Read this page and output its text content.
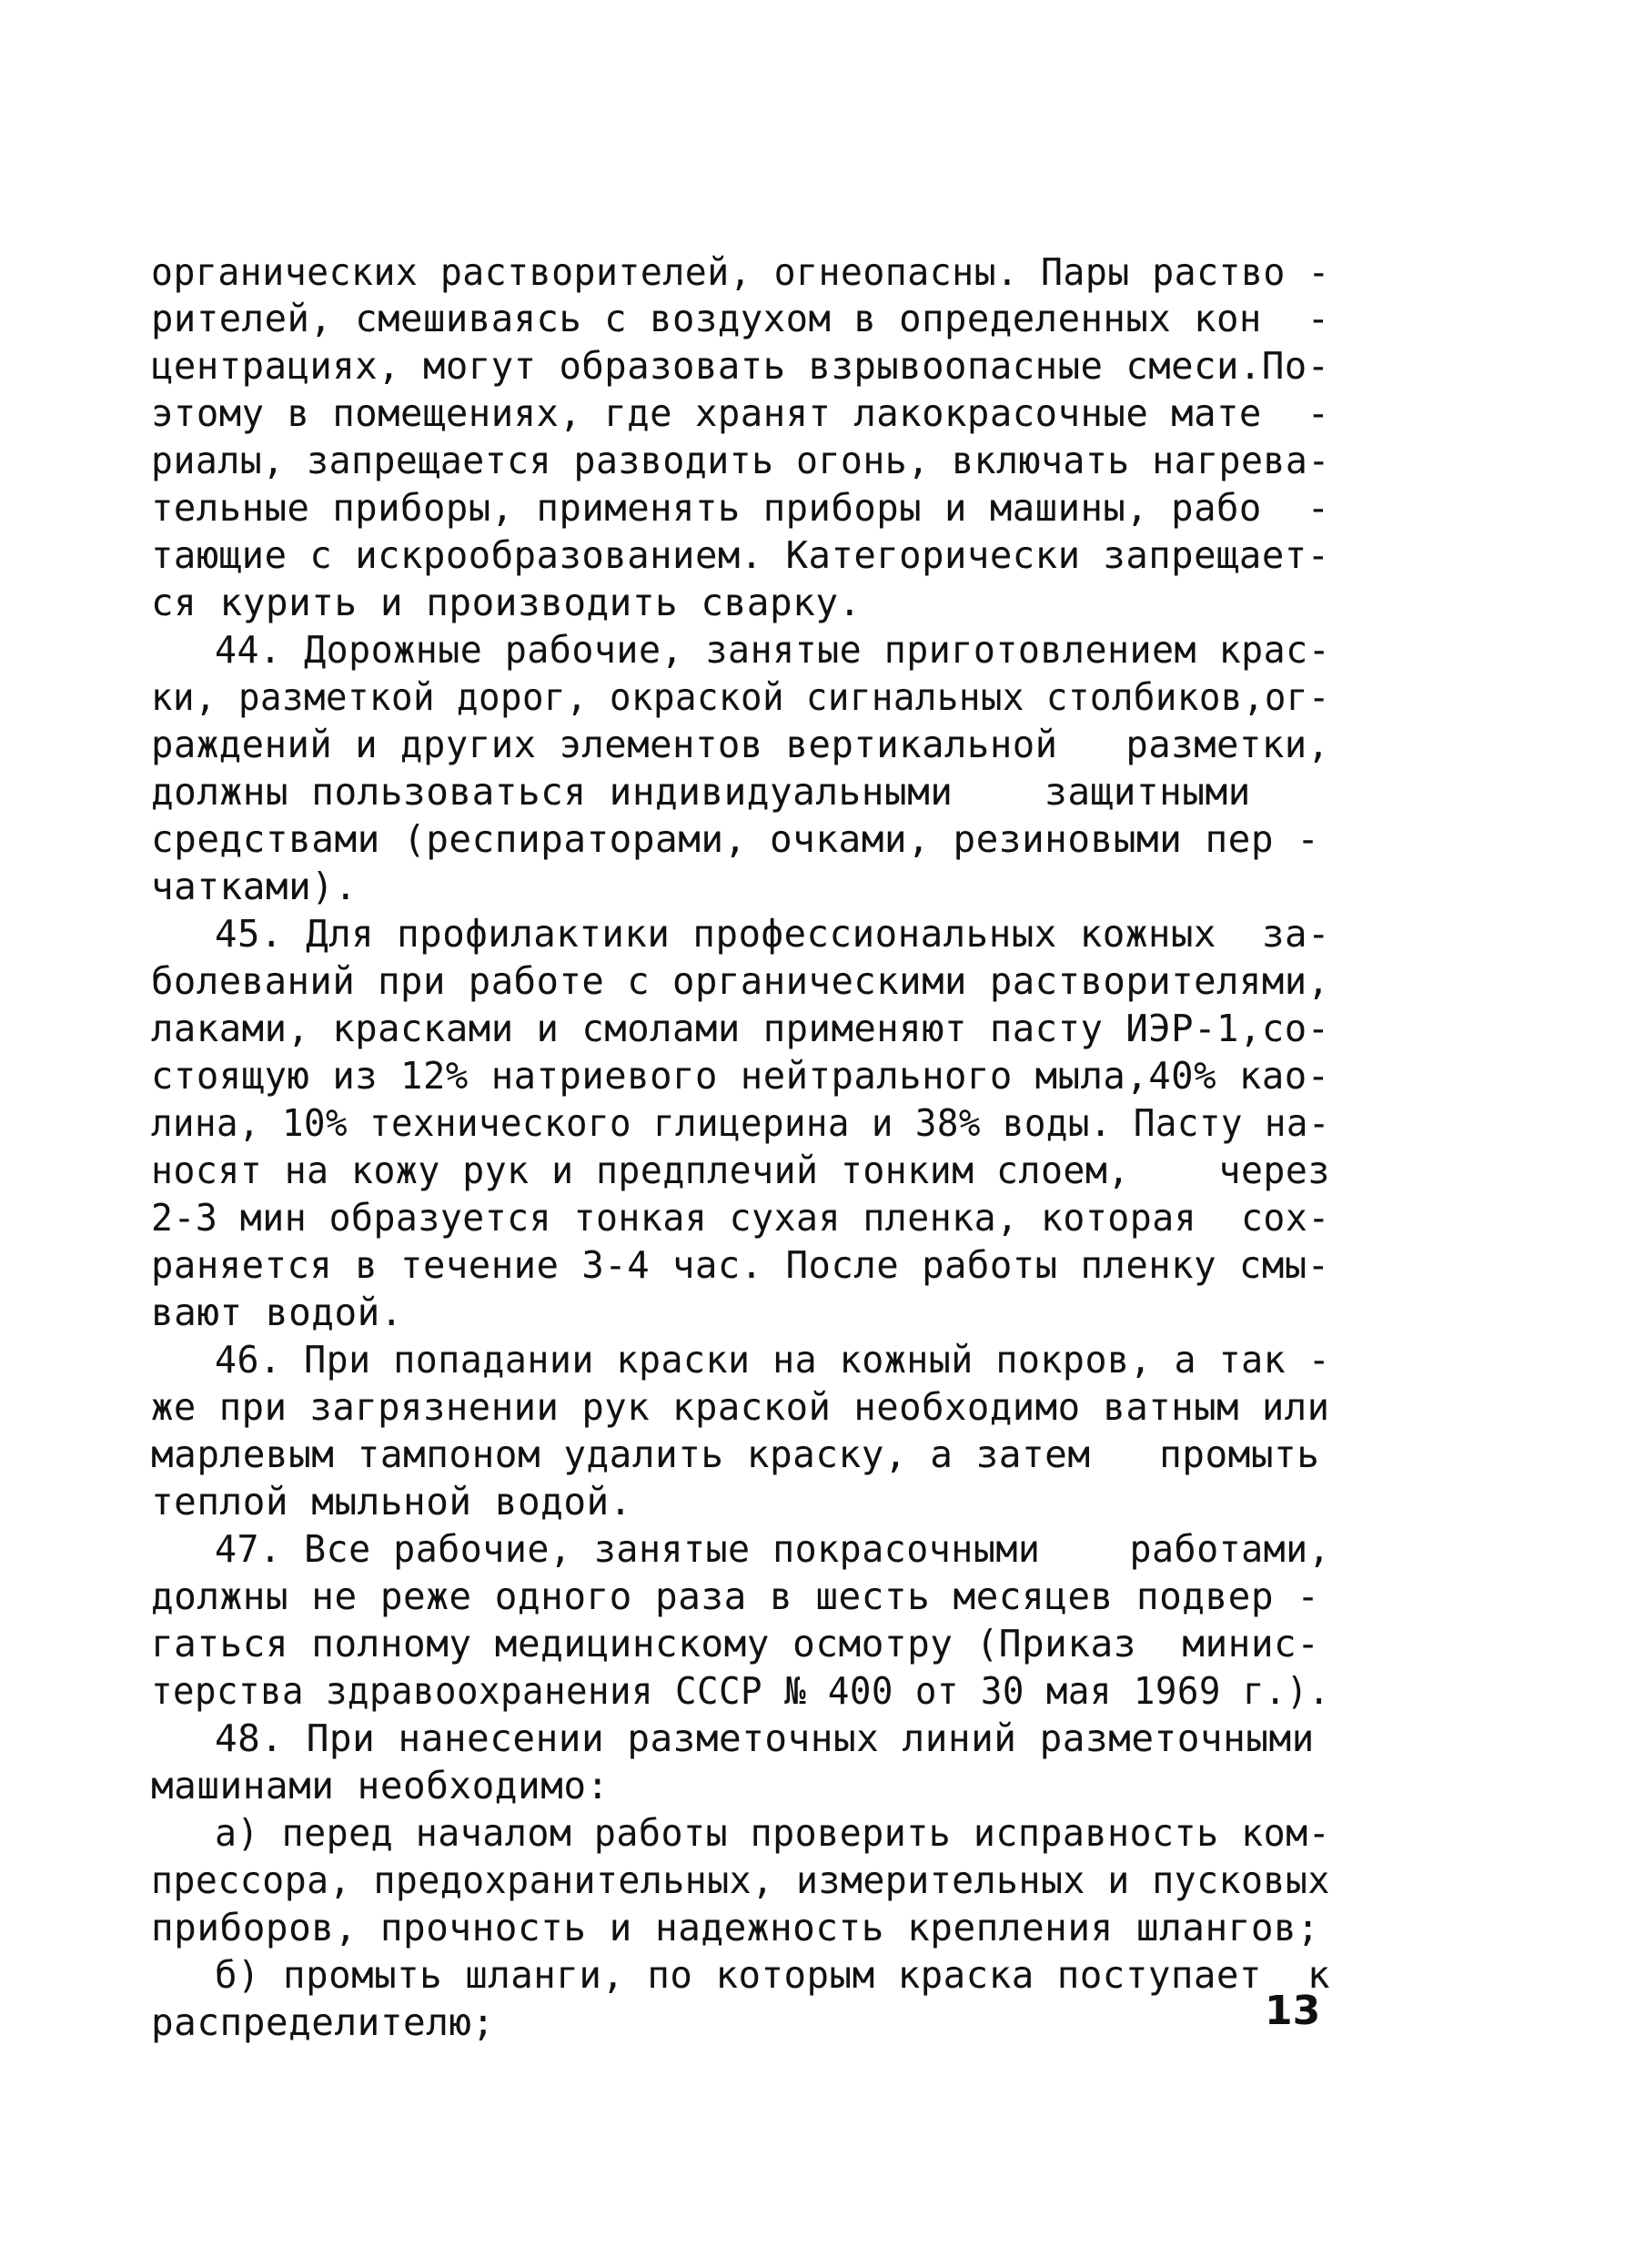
органических растворителей, огнеопасны. Пары раство -
рителей, смешиваясь с воздухом в определенных кон  -
центрациях, могут образовать взрывоопасные смеси.По-
этому в помещениях, где хранят лакокрасочные мате  -
риалы, запрещается разводить огонь, включать нагрева-
тельные приборы, применять приборы и машины, рабо  -
тающие с искрообразованием. Категорически запрещает-
ся курить и производить сварку.
44. Дорожные рабочие, занятые приготовлением крас-
ки, разметкой дорог, окраской сигнальных столбиков,ог-
раждений и других элементов вертикальной   разметки,
должны пользоваться индивидуальными    защитными
средствами (респираторами, очками, резиновыми пер -
чатками).
45. Для профилактики профессиональных кожных  за-
болеваний при работе с органическими растворителями,
лаками, красками и смолами применяют пасту ИЭР-1,со-
стоящую из 12% натриевого нейтрального мыла,40% као-
лина, 10% технического глицерина и 38% воды. Пасту на-
носят на кожу рук и предплечий тонким слоем,    через
2-3 мин образуется тонкая сухая пленка, которая  сох-
раняется в течение 3-4 час. После работы пленку смы-
вают водой.
46. При попадании краски на кожный покров, а так -
же при загрязнении рук краской необходимо ватным или
марлевым тампоном удалить краску, а затем   промыть
теплой мыльной водой.
47. Все рабочие, занятые покрасочными    работами,
должны не реже одного раза в шесть месяцев подвер -
гаться полному медицинскому осмотру (Приказ  минис-
терства здравоохранения СССР № 400 от 30 мая 1969 г.).
48. При нанесении разметочных линий разметочными
машинами необходимо:
а) перед началом работы проверить исправность ком-
прессора, предохранительных, измерительных и пусковых
приборов, прочность и надежность крепления шлангов;
б) промыть шланги, по которым краска поступает  к
распределителю;	13
